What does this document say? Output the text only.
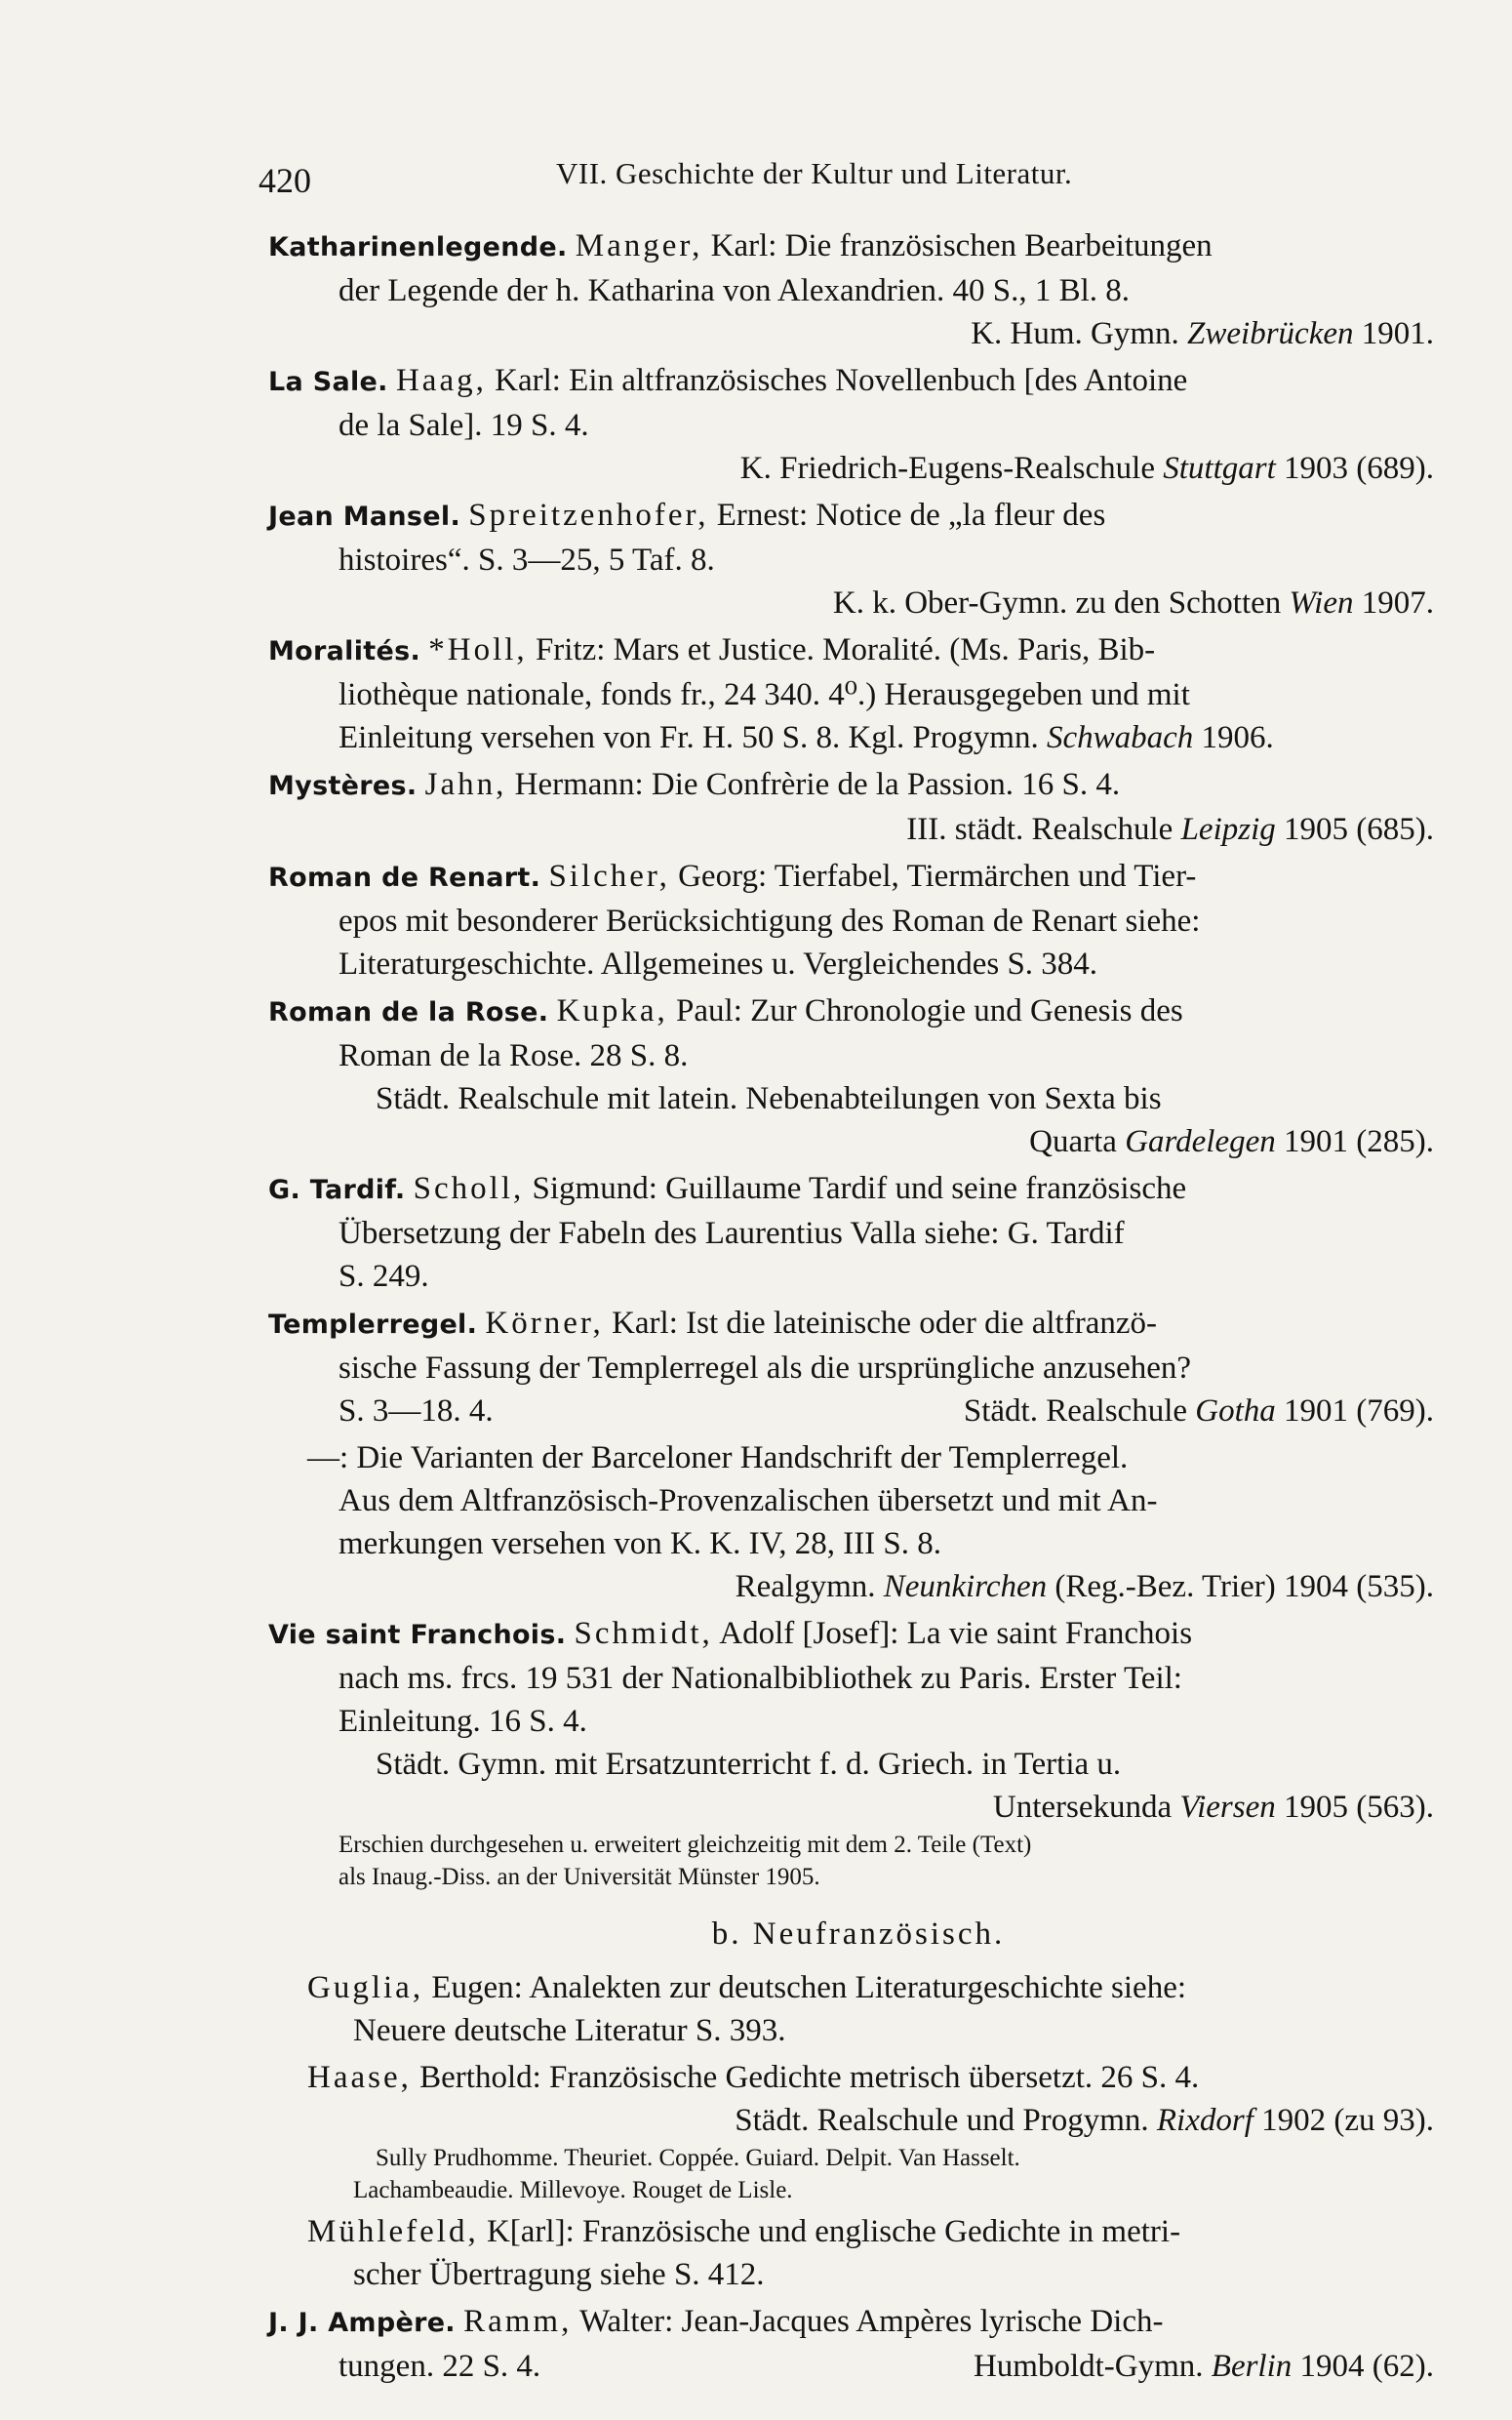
420	VII. Geschichte der Kultur und Literatur.

Katharinenlegende. Manger, Karl: Die französischen Bearbeitungen

der Legende der h. Katharina von Alexandrien. 40 S., 1 Bl. 8.

K. Hum. Gymn. Zweibrücken 1901.

La Sale. Haag, Karl: Ein altfranzösisches Novellenbuch [des Antoine

de la Sale]. 19 S. 4.

K. Friedrich-Eugens-Realschule Stuttgart 1903 (689).

Jean Mansel. Spreitzenhofer, Ernest: Notice de „la fleur des

histoires“. S. 3—25, 5 Taf. 8.

K. k. Ober-Gymn. zu den Schotten Wien 1907.

Moralités. *Holl, Fritz: Mars et Justice. Moralité. (Ms. Paris, Bib-

liothèque nationale, fonds fr., 24 340. 4⁰.) Herausgegeben und mit

Einleitung versehen von Fr. H. 50 S. 8. Kgl. Progymn. Schwabach 1906.

Mystères. Jahn, Hermann: Die Confrèrie de la Passion. 16 S. 4.

III. städt. Realschule Leipzig 1905 (685).

Roman de Renart. Silcher, Georg: Tierfabel, Tiermärchen und Tier-

epos mit besonderer Berücksichtigung des Roman de Renart siehe:

Literaturgeschichte. Allgemeines u. Vergleichendes S. 384.

Roman de la Rose. Kupka, Paul: Zur Chronologie und Genesis des

Roman de la Rose. 28 S. 8.

Städt. Realschule mit latein. Nebenabteilungen von Sexta bis

Quarta Gardelegen 1901 (285).

G. Tardif. Scholl, Sigmund: Guillaume Tardif und seine französische

Übersetzung der Fabeln des Laurentius Valla siehe: G. Tardif

S. 249.

Templerregel. Körner, Karl: Ist die lateinische oder die altfranzö-

sische Fassung der Templerregel als die ursprüngliche anzusehen?

S. 3—18. 4.	Städt. Realschule Gotha 1901 (769).

—: Die Varianten der Barceloner Handschrift der Templerregel.

Aus dem Altfranzösisch-Provenzalischen übersetzt und mit An-

merkungen versehen von K. K. IV, 28, III S. 8.

Realgymn. Neunkirchen (Reg.-Bez. Trier) 1904 (535).

Vie saint Franchois. Schmidt, Adolf [Josef]: La vie saint Franchois

nach ms. frcs. 19 531 der Nationalbibliothek zu Paris. Erster Teil:

Einleitung. 16 S. 4.

Städt. Gymn. mit Ersatzunterricht f. d. Griech. in Tertia u.

Untersekunda Viersen 1905 (563).

Erschien durchgesehen u. erweitert gleichzeitig mit dem 2. Teile (Text)

als Inaug.-Diss. an der Universität Münster 1905.

b. Neufranzösisch.

Guglia, Eugen: Analekten zur deutschen Literaturgeschichte siehe:

Neuere deutsche Literatur S. 393.

Haase, Berthold: Französische Gedichte metrisch übersetzt. 26 S. 4.

Städt. Realschule und Progymn. Rixdorf 1902 (zu 93).

Sully Prudhomme. Theuriet. Coppée. Guiard. Delpit. Van Hasselt.

Lachambeaudie. Millevoye. Rouget de Lisle.

Mühlefeld, K[arl]: Französische und englische Gedichte in metri-

scher Übertragung siehe S. 412.

J. J. Ampère. Ramm, Walter: Jean-Jacques Ampères lyrische Dich-

tungen. 22 S. 4.	Humboldt-Gymn. Berlin 1904 (62).
